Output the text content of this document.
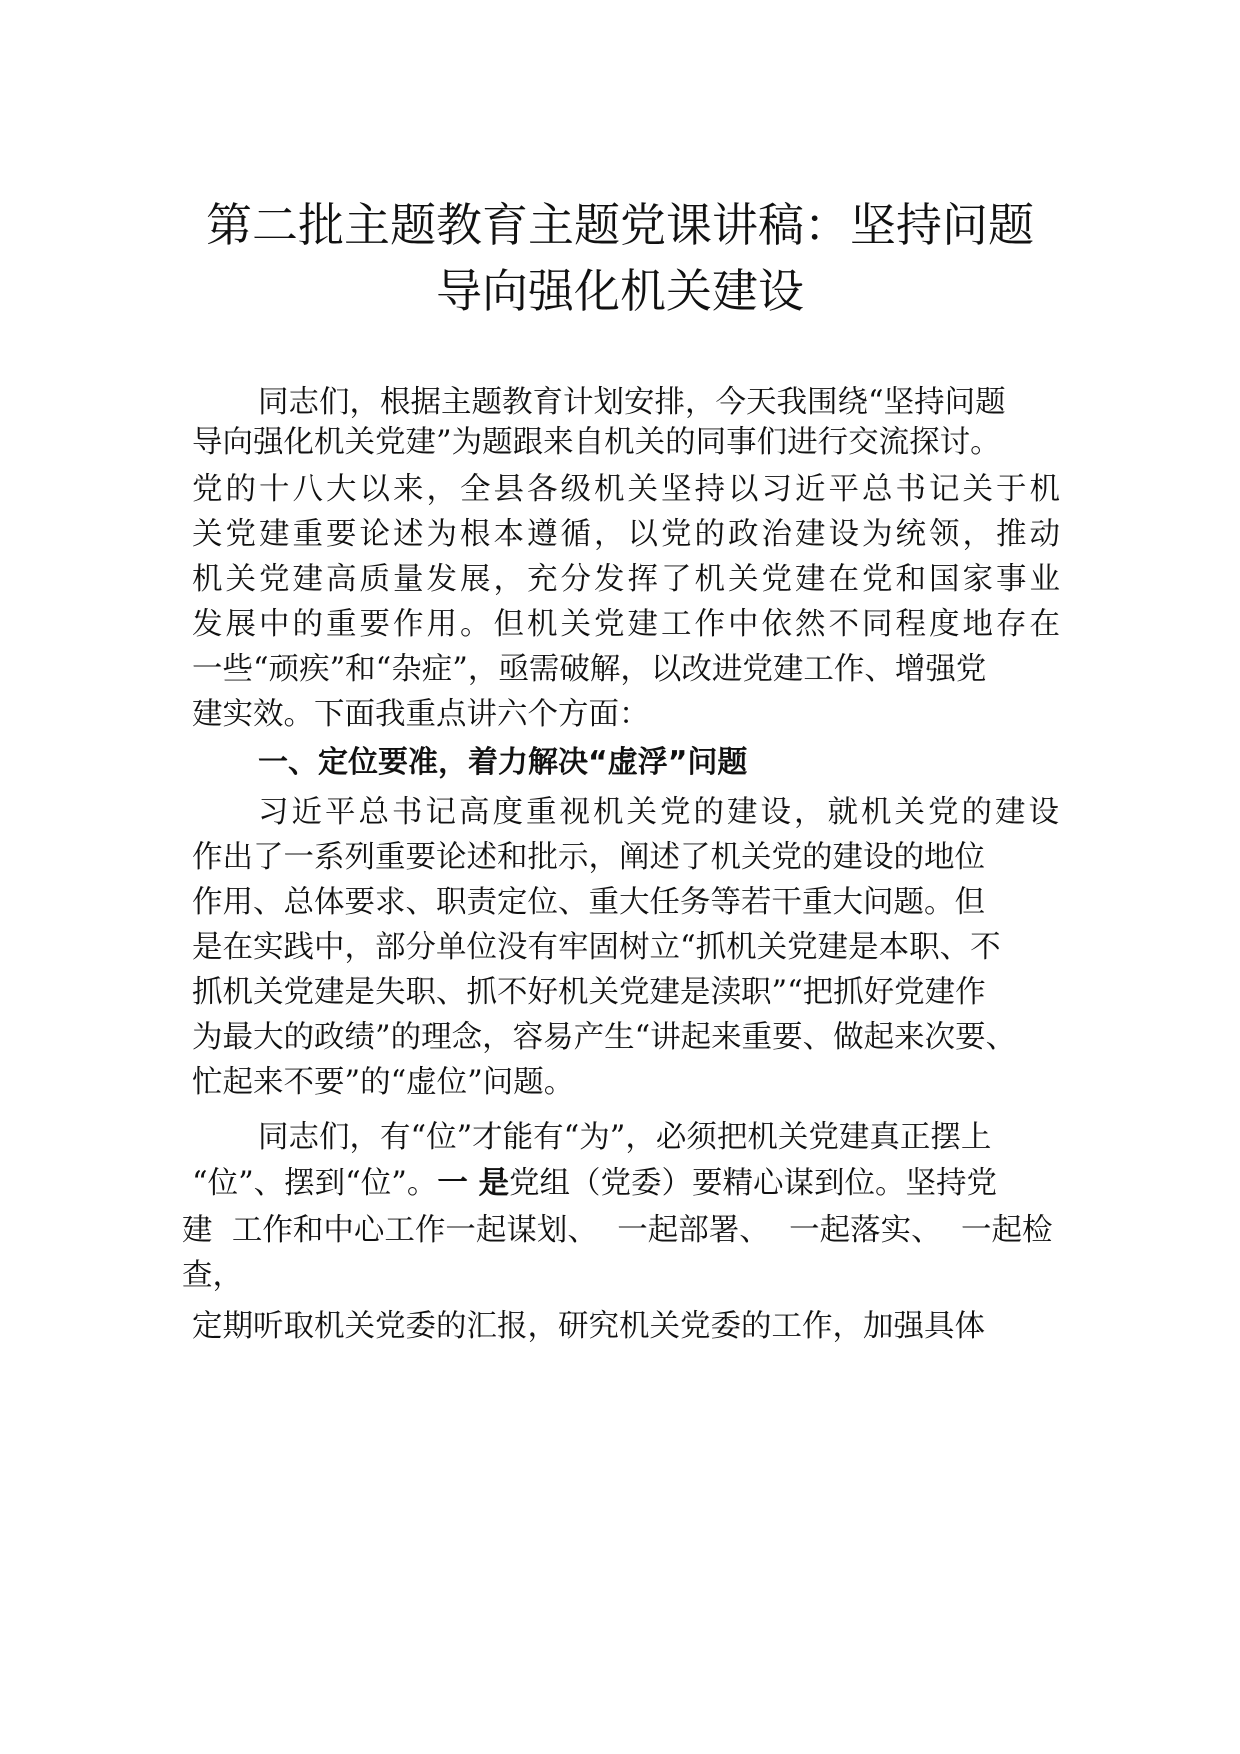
第二批主题教育主题党课讲稿：坚持问题
导向强化机关建设
同志们，根据主题教育计划安排，今天我围绕“坚持问题
导向强化机关党建”为题跟来自机关的同事们进行交流探讨。
党的十八大以来，全县各级机关坚持以习近平总书记关于机
关党建重要论述为根本遵循，以党的政治建设为统领，推动
机关党建高质量发展，充分发挥了机关党建在党和国家事业
发展中的重要作用。但机关党建工作中依然不同程度地存在
一些“顽疾”和“杂症”，亟需破解，以改进党建工作、增强党
建实效。下面我重点讲六个方面：
一、定位要准，着力解决“虚浮”问题
习近平总书记高度重视机关党的建设，就机关党的建设
作出了一系列重要论述和批示，阐述了机关党的建设的地位
作用、总体要求、职责定位、重大任务等若干重大问题。但
是在实践中，部分单位没有牢固树立“抓机关党建是本职、不
抓机关党建是失职、抓不好机关党建是渎职”“把抓好党建作
为最大的政绩”的理念，容易产生“讲起来重要、做起来次要、
忙起来不要”的“虚位”问题。
同志们，有“位”才能有“为”，必须把机关党建真正摆上
“位”、摆到“位”。一 是党组（党委）要精心谋到位。坚持党
建  工作和中心工作一起谋划、  一起部署、  一起落实、  一起检
查，
定期听取机关党委的汇报，研究机关党委的工作，加强具体
